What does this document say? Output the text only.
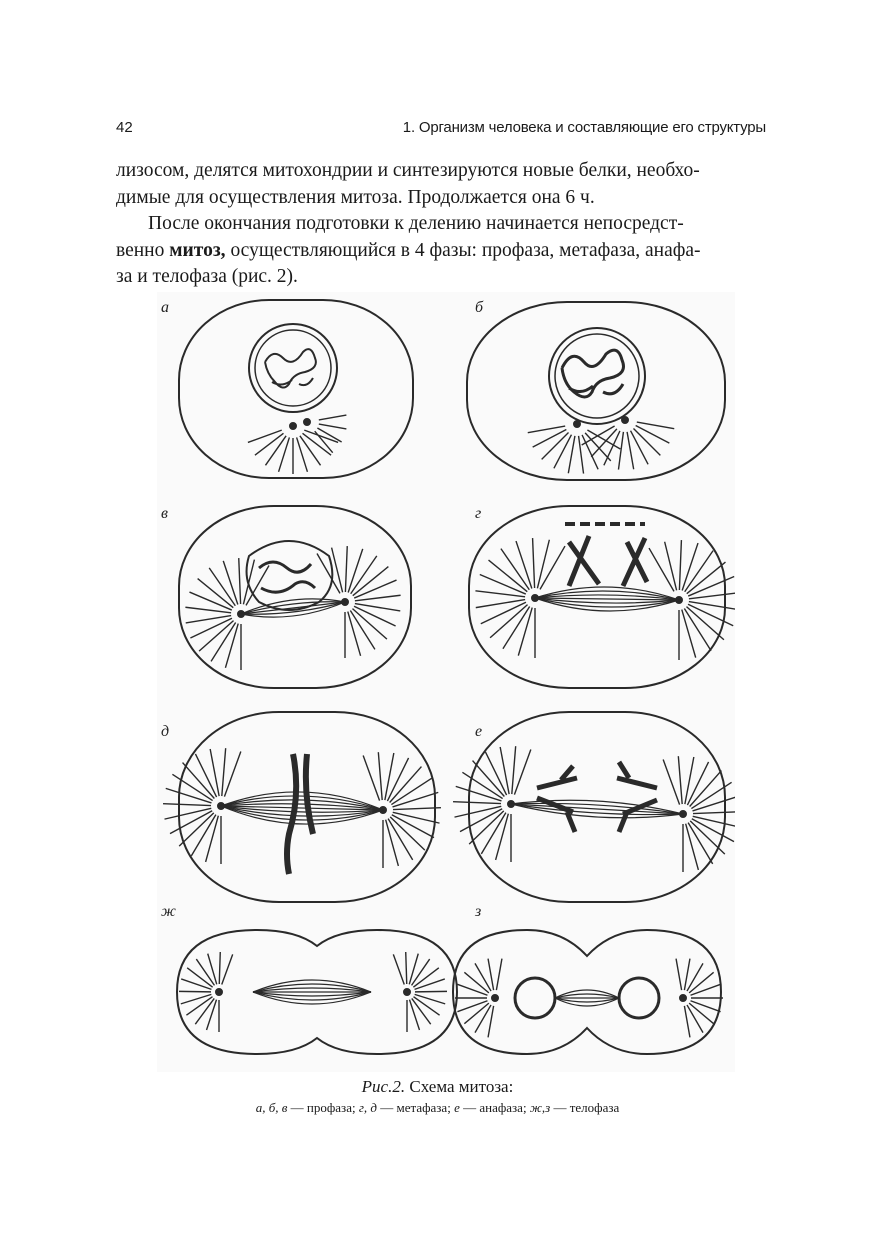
42	1. Организм человека и составляющие его структуры
лизосом, делятся митохондрии и синтезируются новые белки, необхо-
димые для осуществления митоза. Продолжается она 6 ч.
После окончания подготовки к делению начинается непосредст-
венно митоз, осуществляющийся в 4 фазы: профаза, метафаза, анафа-
за и телофаза (рис. 2).
а	б
в	г
д	е
ж	з
Рис.2. Схема митоза:
а, б, в — профаза; г, д — метафаза; е — анафаза; ж,з — телофаза
